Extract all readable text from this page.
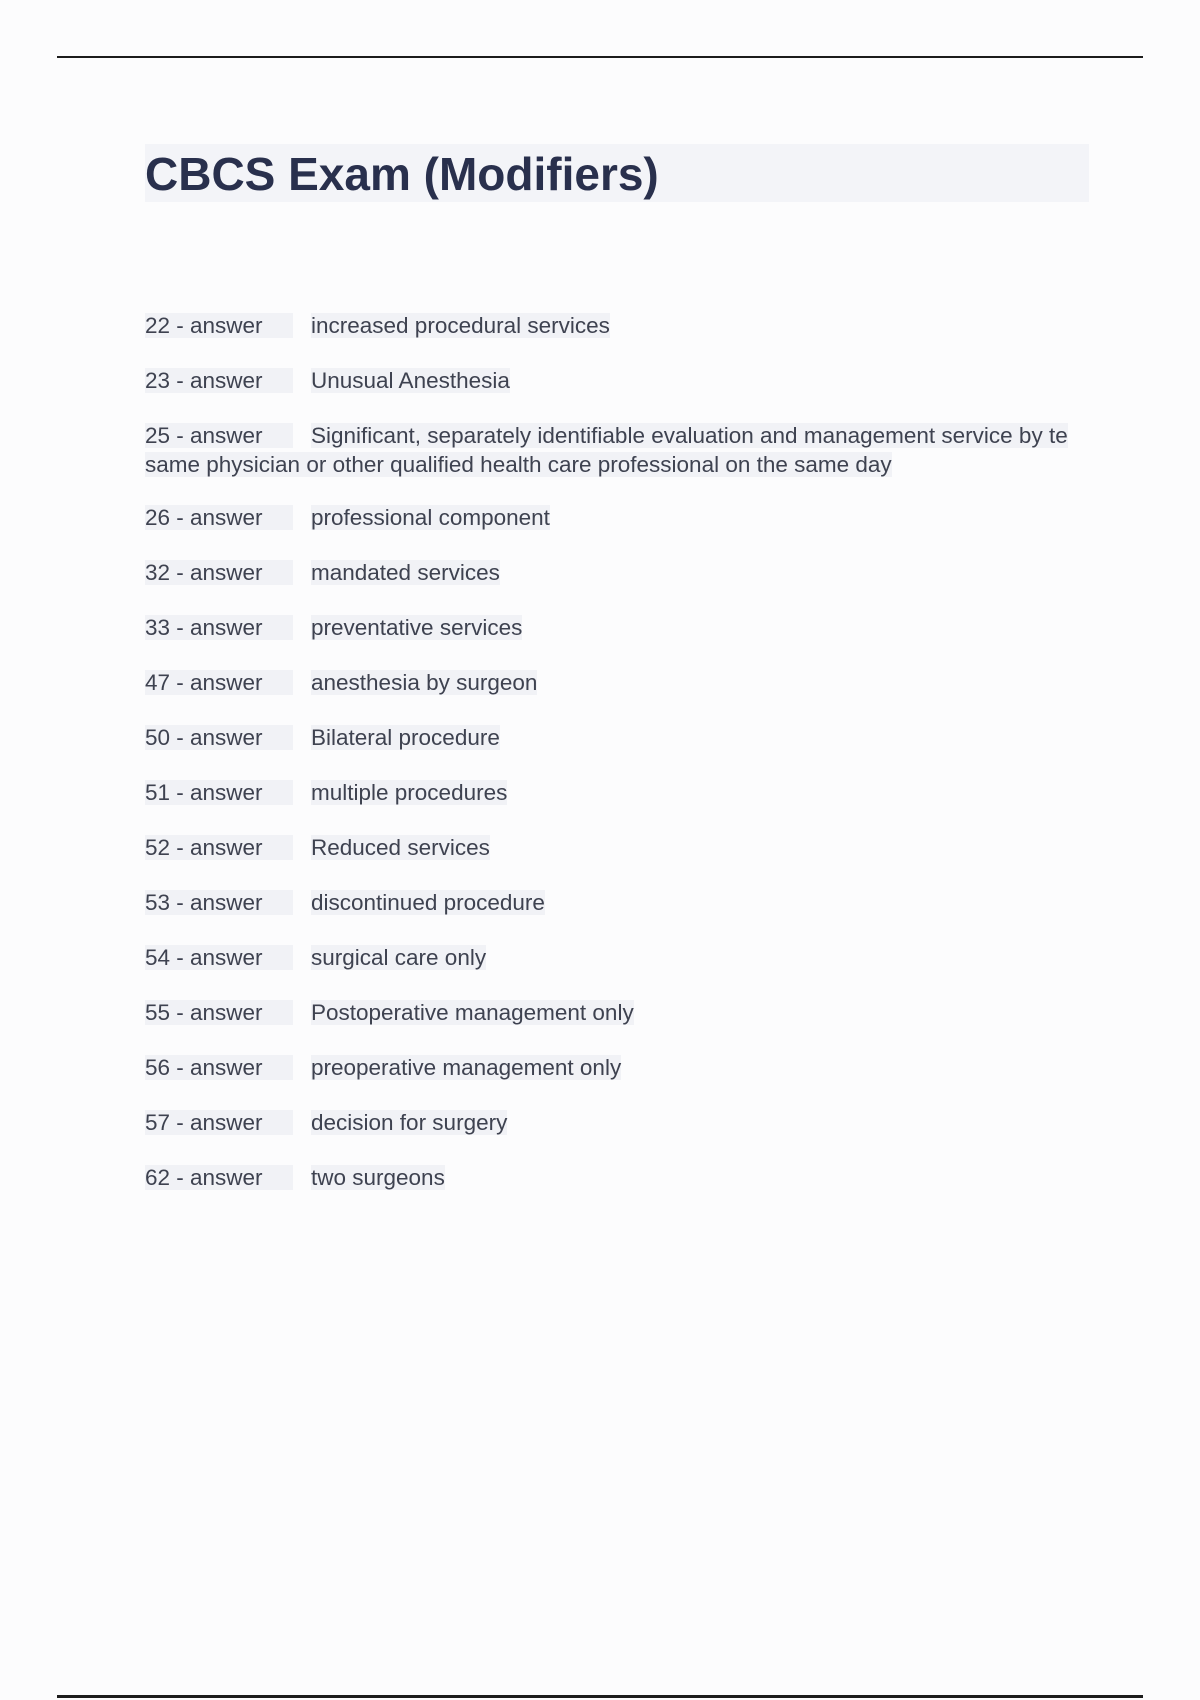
CBCS Exam (Modifiers)
22 - answer increased procedural services
23 - answer Unusual Anesthesia
25 - answer Significant, separately identifiable evaluation and management service by te same physician or other qualified health care professional on the same day
26 - answer professional component
32 - answer mandated services
33 - answer preventative services
47 - answer anesthesia by surgeon
50 - answer Bilateral procedure
51 - answer multiple procedures
52 - answer Reduced services
53 - answer discontinued procedure
54 - answer surgical care only
55 - answer Postoperative management only
56 - answer preoperative management only
57 - answer decision for surgery
62 - answer two surgeons
